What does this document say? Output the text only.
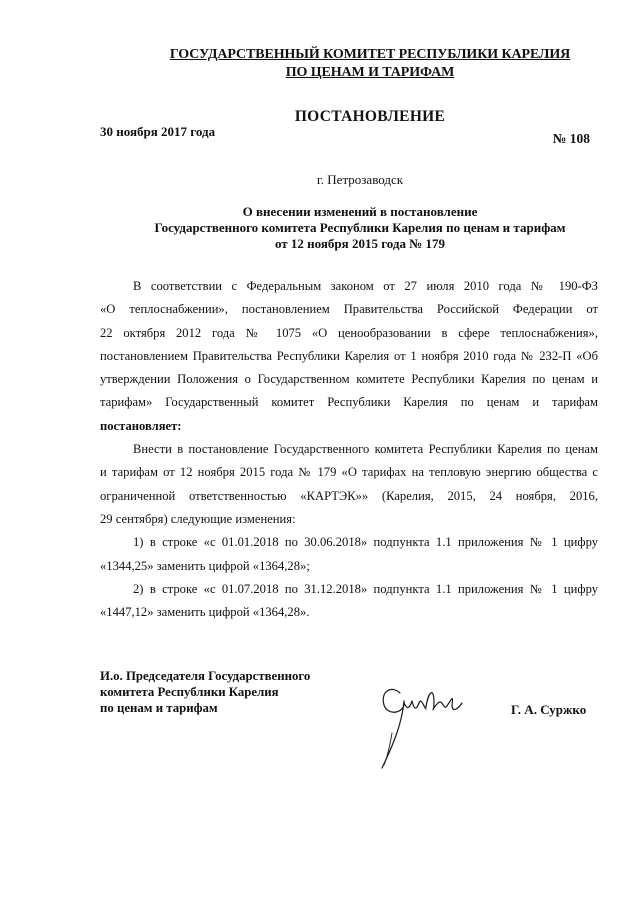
ГОСУДАРСТВЕННЫЙ КОМИТЕТ РЕСПУБЛИКИ КАРЕЛИЯ
ПО ЦЕНАМ И ТАРИФАМ
ПОСТАНОВЛЕНИЕ
30 ноября 2017 года	№ 108
г. Петрозаводск
О внесении изменений в постановление
Государственного комитета Республики Карелия по ценам и тарифам
от 12 ноября 2015 года № 179
В соответствии с Федеральным законом от 27 июля 2010 года № 190-ФЗ
«О теплоснабжении», постановлением Правительства Российской Федерации от
22 октября 2012 года № 1075 «О ценообразовании в сфере теплоснабжения»,
постановлением Правительства Республики Карелия от 1 ноября 2010 года № 232-П «Об
утверждении Положения о Государственном комитете Республики Карелия по ценам и
тарифам» Государственный комитет Республики Карелия по ценам и тарифам
постановляет:
Внести в постановление Государственного комитета Республики Карелия по ценам
и тарифам от 12 ноября 2015 года № 179 «О тарифах на тепловую энергию общества с
ограниченной ответственностью «КАРТЭК»» (Карелия, 2015, 24 ноября, 2016,
29 сентября) следующие изменения:
1) в строке «с 01.01.2018 по 30.06.2018» подпункта 1.1 приложения № 1 цифру
«1344,25» заменить цифрой «1364,28»;
2) в строке «с 01.07.2018 по 31.12.2018» подпункта 1.1 приложения № 1 цифру
«1447,12» заменить цифрой «1364,28».
И.о. Председателя Государственного
комитета Республики Карелия
по ценам и тарифам	Г. А. Суржко
